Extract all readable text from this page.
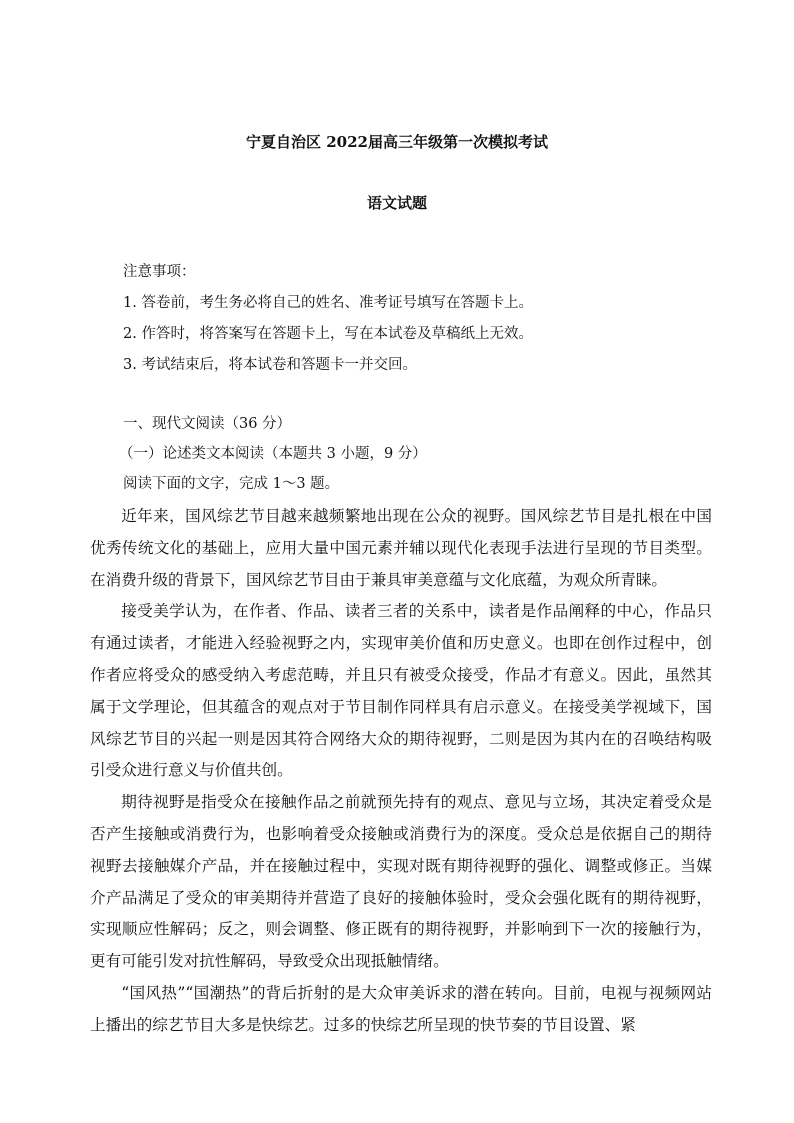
宁夏自治区 2022届高三年级第一次模拟考试
语文试题

注意事项：

1. 答卷前，考生务必将自己的姓名、准考证号填写在答题卡上。

2. 作答时，将答案写在答题卡上，写在本试卷及草稿纸上无效。

3. 考试结束后，将本试卷和答题卡一并交回。

一、现代文阅读（36 分）

（一）论述类文本阅读（本题共 3 小题，9 分）

阅读下面的文字，完成 1～3 题。

近年来，国风综艺节目越来越频繁地出现在公众的视野。国风综艺节目是扎根在中国优秀传统文化的基础上，应用大量中国元素并辅以现代化表现手法进行呈现的节目类型。在消费升级的背景下，国风综艺节目由于兼具审美意蕴与文化底蕴，为观众所青睐。

接受美学认为，在作者、作品、读者三者的关系中，读者是作品阐释的中心，作品只有通过读者，才能进入经验视野之内，实现审美价值和历史意义。也即在创作过程中，创作者应将受众的感受纳入考虑范畴，并且只有被受众接受，作品才有意义。因此，虽然其属于文学理论，但其蕴含的观点对于节目制作同样具有启示意义。在接受美学视域下，国风综艺节目的兴起一则是因其符合网络大众的期待视野，二则是因为其内在的召唤结构吸引受众进行意义与价值共创。

期待视野是指受众在接触作品之前就预先持有的观点、意见与立场，其决定着受众是否产生接触或消费行为，也影响着受众接触或消费行为的深度。受众总是依据自己的期待视野去接触媒介产品，并在接触过程中，实现对既有期待视野的强化、调整或修正。当媒介产品满足了受众的审美期待并营造了良好的接触体验时，受众会强化既有的期待视野，实现顺应性解码；反之，则会调整、修正既有的期待视野，并影响到下一次的接触行为，更有可能引发对抗性解码，导致受众出现抵触情绪。

“国风热”“国潮热”的背后折射的是大众审美诉求的潜在转向。目前，电视与视频网站上播出的综艺节目大多是快综艺。过多的快综艺所呈现的快节奏的节目设置、紧
